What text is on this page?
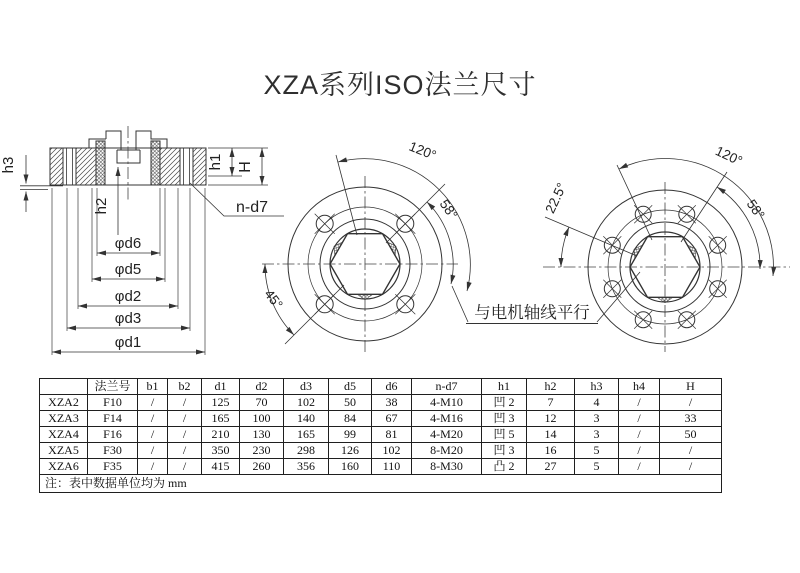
XZA系列ISO法兰尺寸
φd6
φd5
φd2
φd3
φd1
h2
h3	h1 H
n-d7
120°
58°
45°
120°
58°
22.5°
与电机轴线平行
	法兰号	b1	b2	d1	d2	d3	d5	d6	n-d7	h1	h2	h3	h4	H
XZA2	F10	/	/	125	70	102	50	38	4-M10	凹 2	7	4	/	/
XZA3	F14	/	/	165	100	140	84	67	4-M16	凹 3	12	3	/	33
XZA4	F16	/	/	210	130	165	99	81	4-M20	凹 5	14	3	/	50
XZA5	F30	/	/	350	230	298	126	102	8-M20	凹 3	16	5	/	/
XZA6	F35	/	/	415	260	356	160	110	8-M30	凸 2	27	5	/	/
注：表中数据单位均为 mm														
